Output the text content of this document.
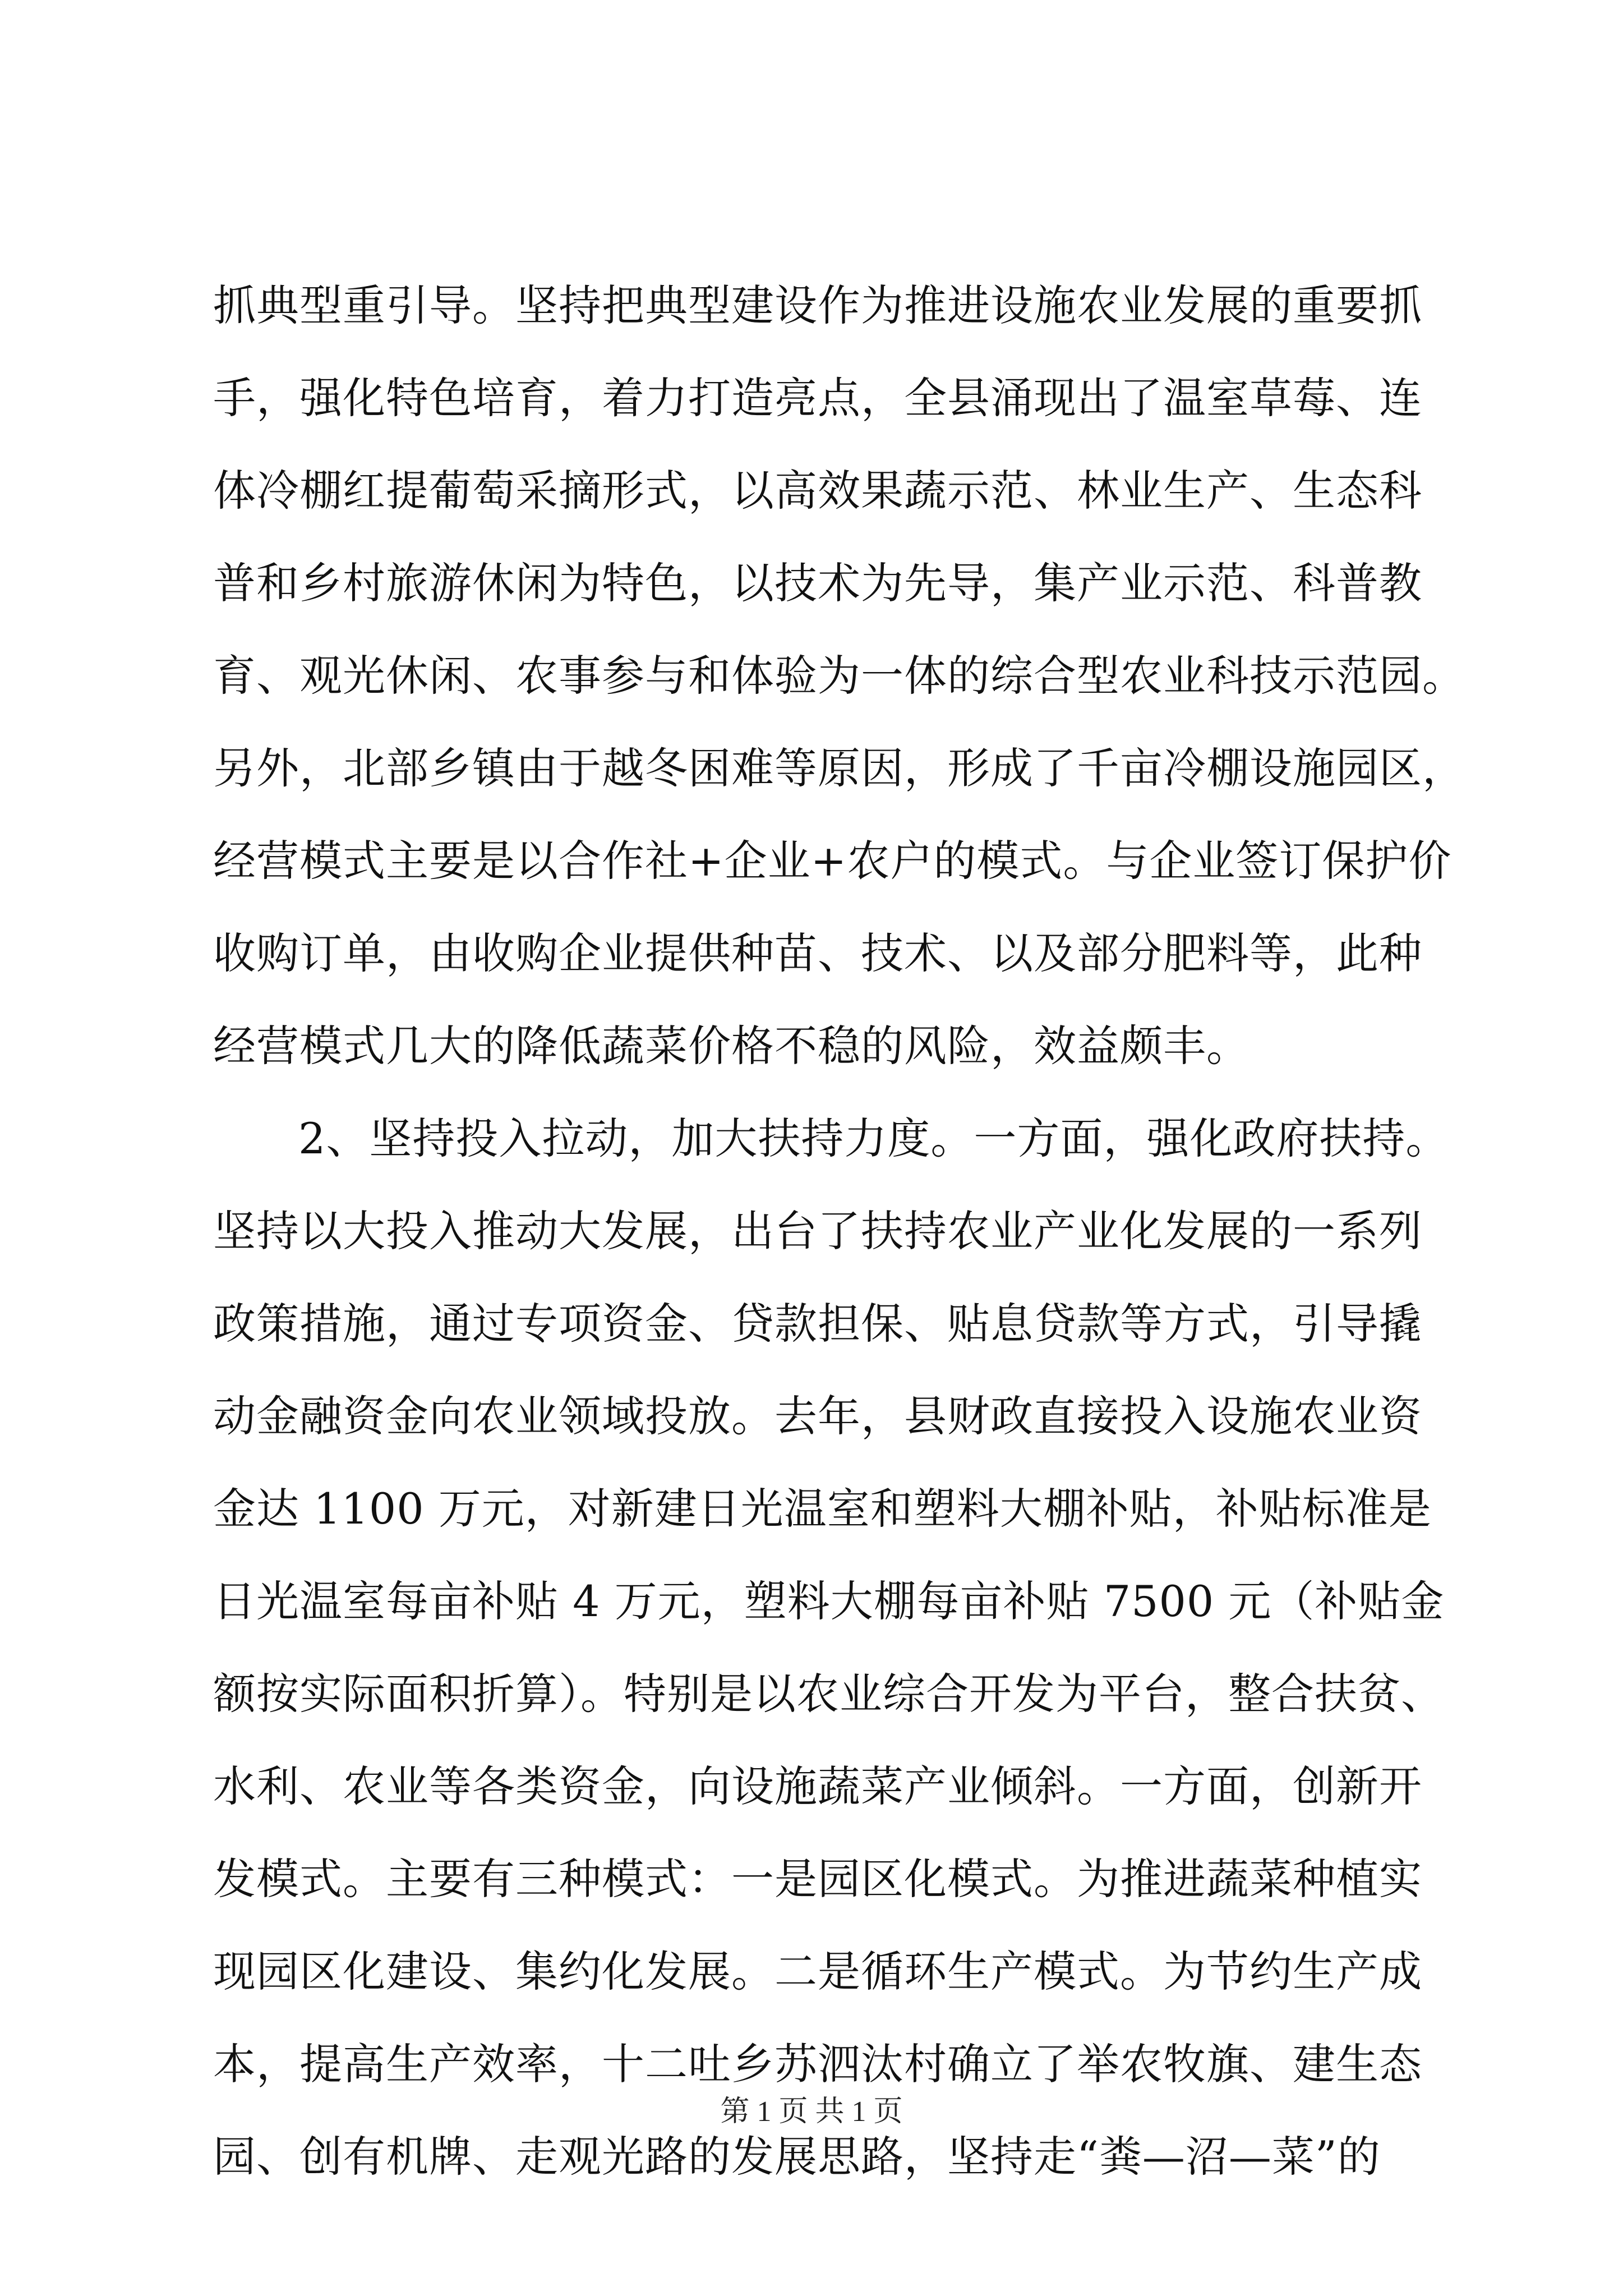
抓典型重引导。坚持把典型建设作为推进设施农业发展的重要抓
手，强化特色培育，着力打造亮点，全县涌现出了温室草莓、连
体冷棚红提葡萄采摘形式，以高效果蔬示范、林业生产、生态科
普和乡村旅游休闲为特色，以技术为先导，集产业示范、科普教
育、观光休闲、农事参与和体验为一体的综合型农业科技示范园。
另外，北部乡镇由于越冬困难等原因，形成了千亩冷棚设施园区，
经营模式主要是以合作社+企业+农户的模式。与企业签订保护价
收购订单，由收购企业提供种苗、技术、以及部分肥料等，此种
经营模式几大的降低蔬菜价格不稳的风险，效益颇丰。
2、坚持投入拉动，加大扶持力度。一方面，强化政府扶持。
坚持以大投入推动大发展，出台了扶持农业产业化发展的一系列
政策措施，通过专项资金、贷款担保、贴息贷款等方式，引导撬
动金融资金向农业领域投放。去年，县财政直接投入设施农业资
金达 1100 万元，对新建日光温室和塑料大棚补贴，补贴标准是
日光温室每亩补贴 4 万元，塑料大棚每亩补贴 7500 元（补贴金
额按实际面积折算）。特别是以农业综合开发为平台，整合扶贫、
水利、农业等各类资金，向设施蔬菜产业倾斜。一方面，创新开
发模式。主要有三种模式：一是园区化模式。为推进蔬菜种植实
现园区化建设、集约化发展。二是循环生产模式。为节约生产成
本，提高生产效率，十二吐乡苏泗汰村确立了举农牧旗、建生态
园、创有机牌、走观光路的发展思路，坚持走“粪—沼—菜”的
第 1 页 共 1 页
